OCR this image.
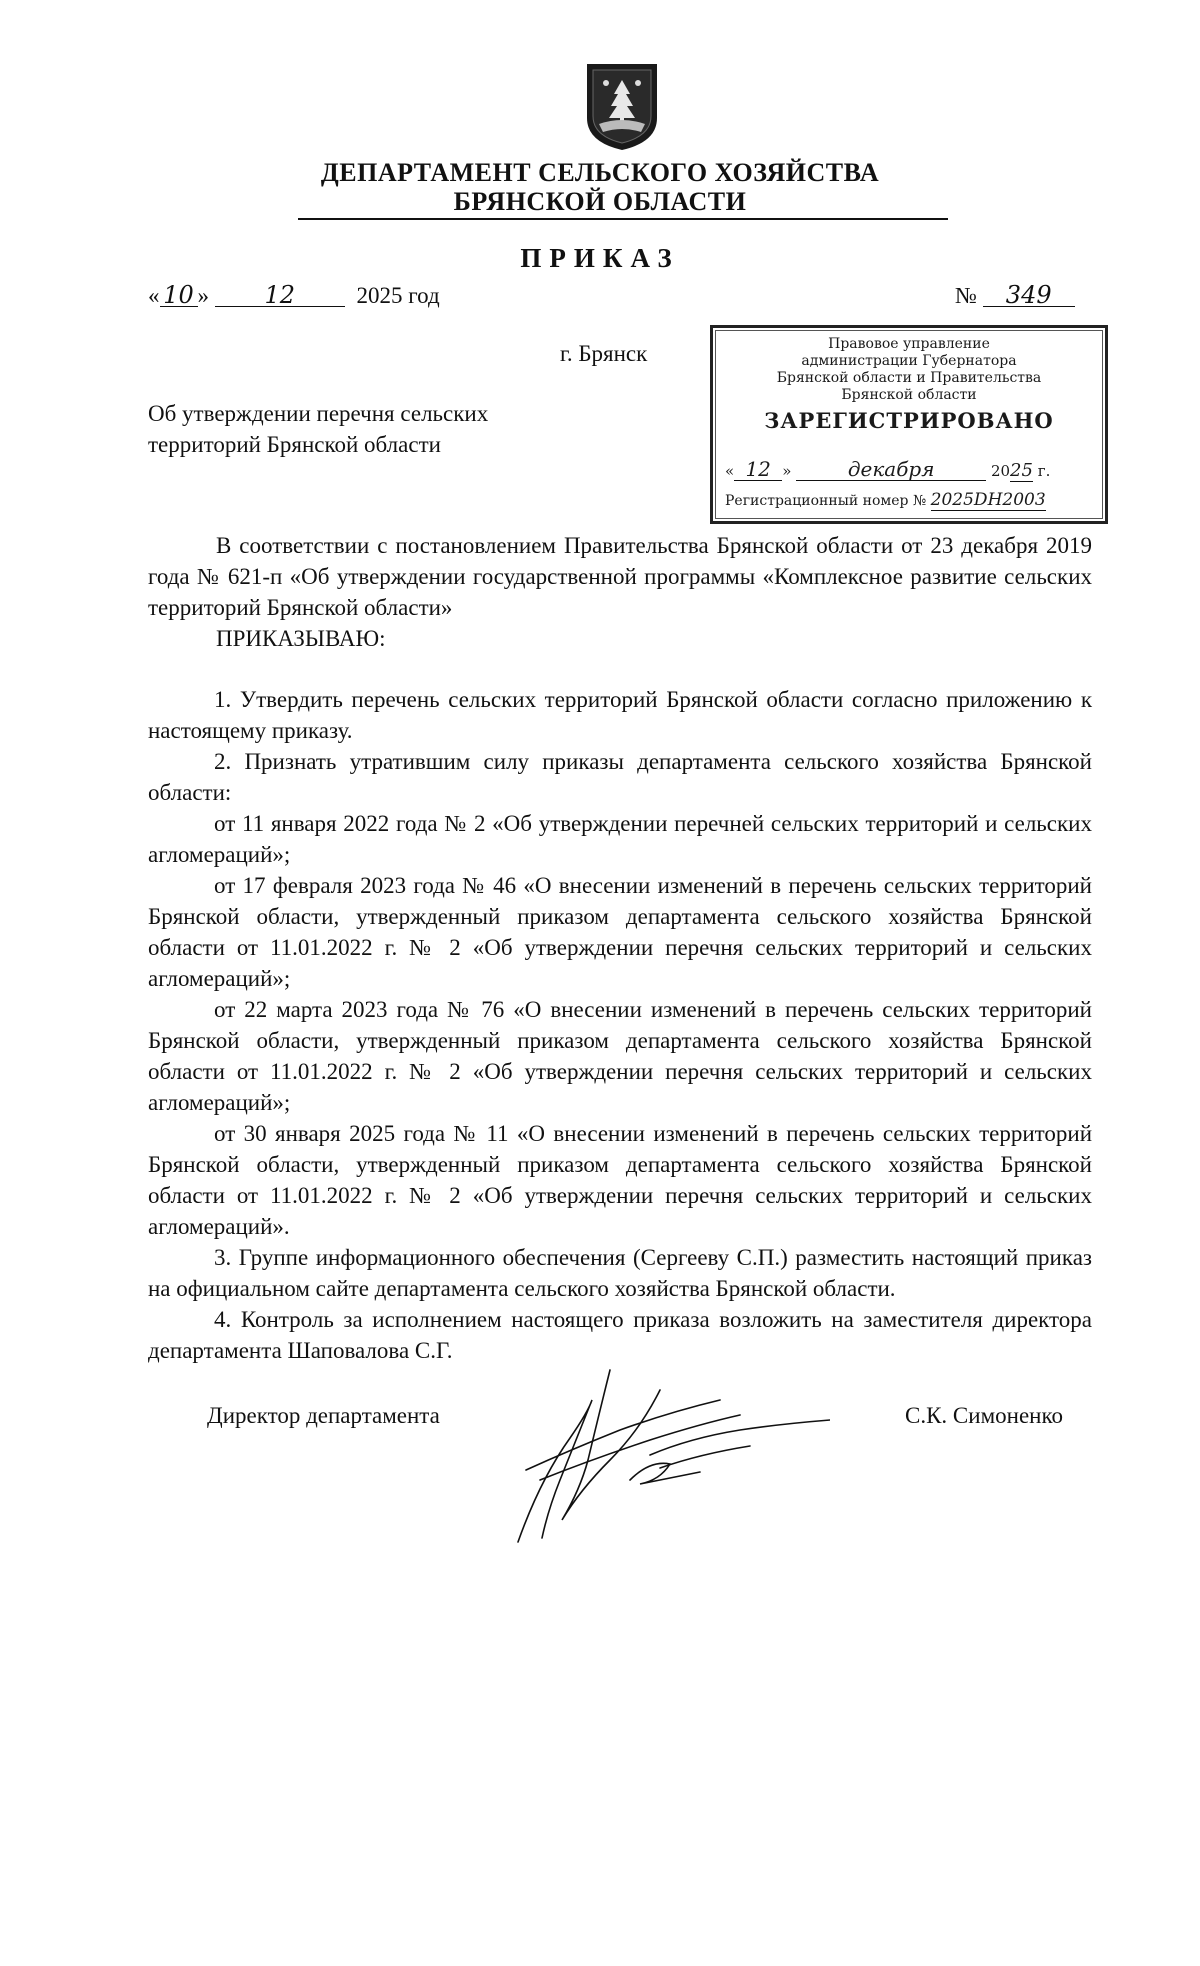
ДЕПАРТАМЕНТ СЕЛЬСКОГО ХОЗЯЙСТВА
БРЯНСКОЙ ОБЛАСТИ
ПРИКАЗ
« 10 » 12	2025 год	№ 349
г. Брянск
Об утверждении перечня сельских
территорий Брянской области
Правовое управление
администрации Губернатора
Брянской области и Правительства
Брянской области
ЗАРЕГИСТРИРОВАНО
« 12 »	декабря	2025 г.
Регистрационный номер № 2025DH2003

В соответствии с постановлением Правительства Брянской области от 23 декабря 2019 года № 621-п «Об утверждении государственной программы «Комплексное развитие сельских территорий Брянской области»

ПРИКАЗЫВАЮ:

1. Утвердить перечень сельских территорий Брянской области согласно приложению к настоящему приказу.

2. Признать утратившим силу приказы департамента сельского хозяйства Брянской области:

от 11 января 2022 года № 2 «Об утверждении перечней сельских территорий и сельских агломераций»;

от 17 февраля 2023 года № 46 «О внесении изменений в перечень сельских территорий Брянской области, утвержденный приказом департамента сельского хозяйства Брянской области от 11.01.2022 г. № 2 «Об утверждении перечня сельских территорий и сельских агломераций»;

от 22 марта 2023 года № 76 «О внесении изменений в перечень сельских территорий Брянской области, утвержденный приказом департамента сельского хозяйства Брянской области от 11.01.2022 г. № 2 «Об утверждении перечня сельских территорий и сельских агломераций»;

от 30 января 2025 года № 11 «О внесении изменений в перечень сельских территорий Брянской области, утвержденный приказом департамента сельского хозяйства Брянской области от 11.01.2022 г. № 2 «Об утверждении перечня сельских территорий и сельских агломераций».

3. Группе информационного обеспечения (Сергееву С.П.) разместить настоящий приказ на официальном сайте департамента сельского хозяйства Брянской области.

4. Контроль за исполнением настоящего приказа возложить на заместителя директора департамента Шаповалова С.Г.

Директор департамента	С.К. Симоненко
